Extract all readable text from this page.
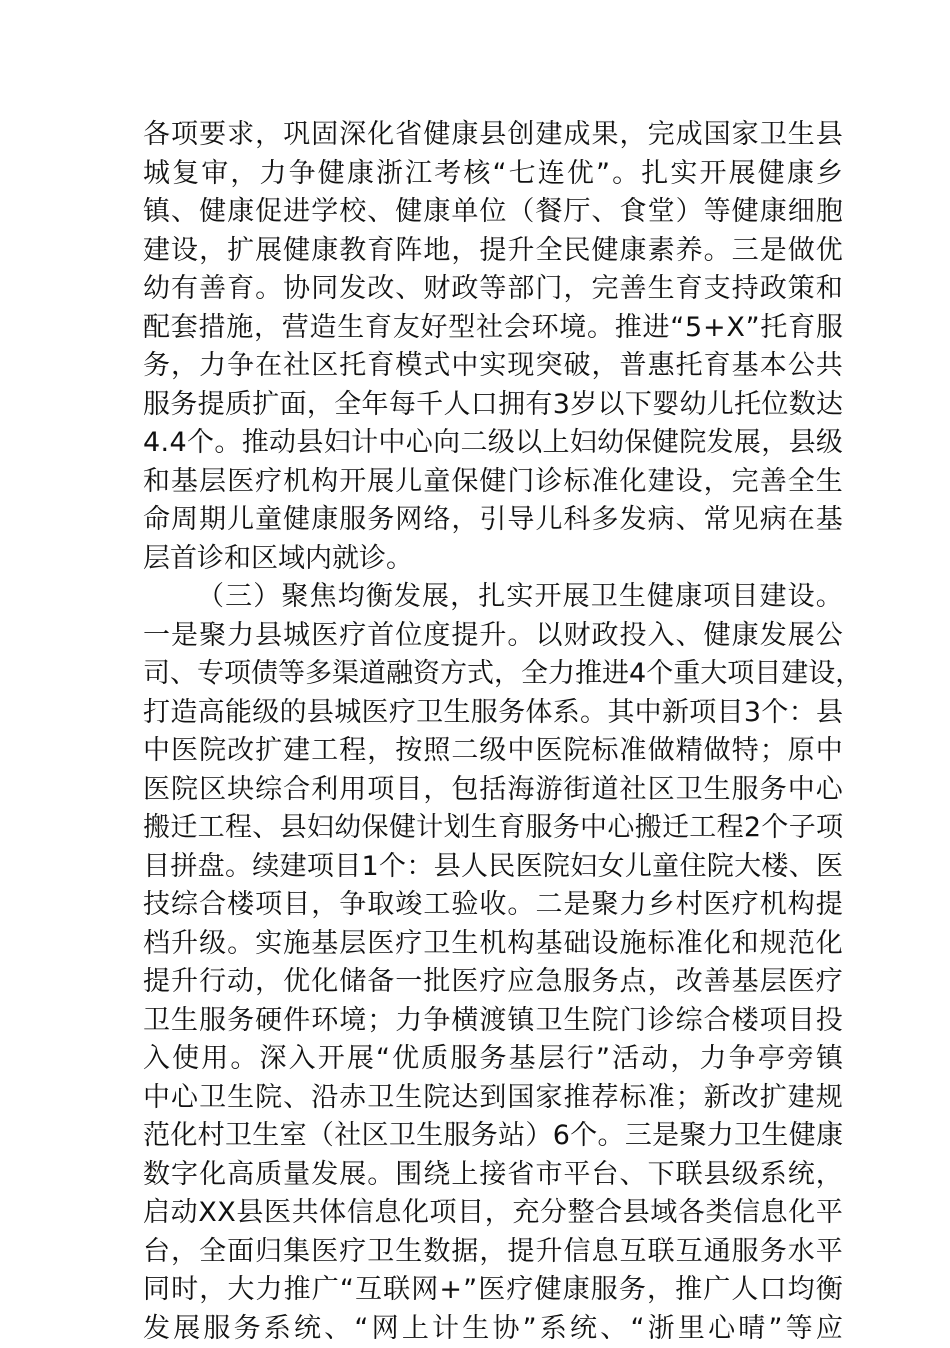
各 项 要 求 ， 巩 固 深 化 省 健 康 县 创 建 成 果 ， 完 成 国 家 卫 生 县
城 复 审 ， 力 争 健 康 浙 江 考 核 “ 七 连 优 ” 。 扎 实 开 展 健 康 乡
镇 、 健 康 促 进 学 校 、 健 康 单 位 （ 餐 厅 、 食 堂 ） 等 健 康 细 胞
建 设 ， 扩 展 健 康 教 育 阵 地 ， 提 升 全 民 健 康 素 养 。 三 是 做 优
幼 有 善 育 。 协 同 发 改 、 财 政 等 部 门 ， 完 善 生 育 支 持 政 策 和
配 套 措 施 ， 营 造 生 育 友 好 型 社 会 环 境 。 推 进 “ 5 + X ” 托 育 服
务 ， 力 争 在 社 区 托 育 模 式 中 实 现 突 破 ， 普 惠 托 育 基 本 公 共
服 务 提 质 扩 面 ， 全 年 每 千 人 口 拥 有 3 岁 以 下 婴 幼 儿 托 位 数 达
4 . 4 个 。 推 动 县 妇 计 中 心 向 二 级 以 上 妇 幼 保 健 院 发 展 ， 县 级
和 基 层 医 疗 机 构 开 展 儿 童 保 健 门 诊 标 准 化 建 设 ， 完 善 全 生
命 周 期 儿 童 健 康 服 务 网 络 ， 引 导 儿 科 多 发 病 、 常 见 病 在 基
层首诊和区域内就诊。
（ 三 ） 聚 焦 均 衡 发 展 ， 扎 实 开 展 卫 生 健 康 项 目 建 设 。
一 是 聚 力 县 城 医 疗 首 位 度 提 升 。 以 财 政 投 入 、 健 康 发 展 公
司 、 专 项 债 等 多 渠 道 融 资 方 式 ， 全 力 推 进 4 个 重 大 项 目 建 设 ，
打 造 高 能 级 的 县 城 医 疗 卫 生 服 务 体 系 。 其 中 新 项 目 3 个 ： 县
中 医 院 改 扩 建 工 程 ， 按 照 二 级 中 医 院 标 准 做 精 做 特 ； 原 中
医 院 区 块 综 合 利 用 项 目 ， 包 括 海 游 街 道 社 区 卫 生 服 务 中 心
搬 迁 工 程 、 县 妇 幼 保 健 计 划 生 育 服 务 中 心 搬 迁 工 程 2 个 子 项
目 拼 盘 。 续 建 项 目 1 个 ： 县 人 民 医 院 妇 女 儿 童 住 院 大 楼 、 医
技 综 合 楼 项 目 ， 争 取 竣 工 验 收 。 二 是 聚 力 乡 村 医 疗 机 构 提
档 升 级 。 实 施 基 层 医 疗 卫 生 机 构 基 础 设 施 标 准 化 和 规 范 化
提 升 行 动 ， 优 化 储 备 一 批 医 疗 应 急 服 务 点 ， 改 善 基 层 医 疗
卫 生 服 务 硬 件 环 境 ； 力 争 横 渡 镇 卫 生 院 门 诊 综 合 楼 项 目 投
入 使 用 。 深 入 开 展 “ 优 质 服 务 基 层 行 ” 活 动 ， 力 争 亭 旁 镇
中 心 卫 生 院 、 沿 赤 卫 生 院 达 到 国 家 推 荐 标 准 ； 新 改 扩 建 规
范 化 村 卫 生 室 （ 社 区 卫 生 服 务 站 ） 6 个 。 三 是 聚 力 卫 生 健 康
数 字 化 高 质 量 发 展 。 围 绕 上 接 省 市 平 台 、 下 联 县 级 系 统 ，
启 动 X X 县 医 共 体 信 息 化 项 目 ， 充 分 整 合 县 域 各 类 信 息 化 平
台 ， 全 面 归 集 医 疗 卫 生 数 据 ， 提 升 信 息 互 联 互 通 服 务 水 平
同 时 ， 大 力 推 广 “ 互 联 网 + ” 医 疗 健 康 服 务 ， 推 广 人 口 均 衡
发 展 服 务 系 统 、 “ 网 上 计 生 协 ” 系 统 、 “ 浙 里 心 晴 ” 等 应
